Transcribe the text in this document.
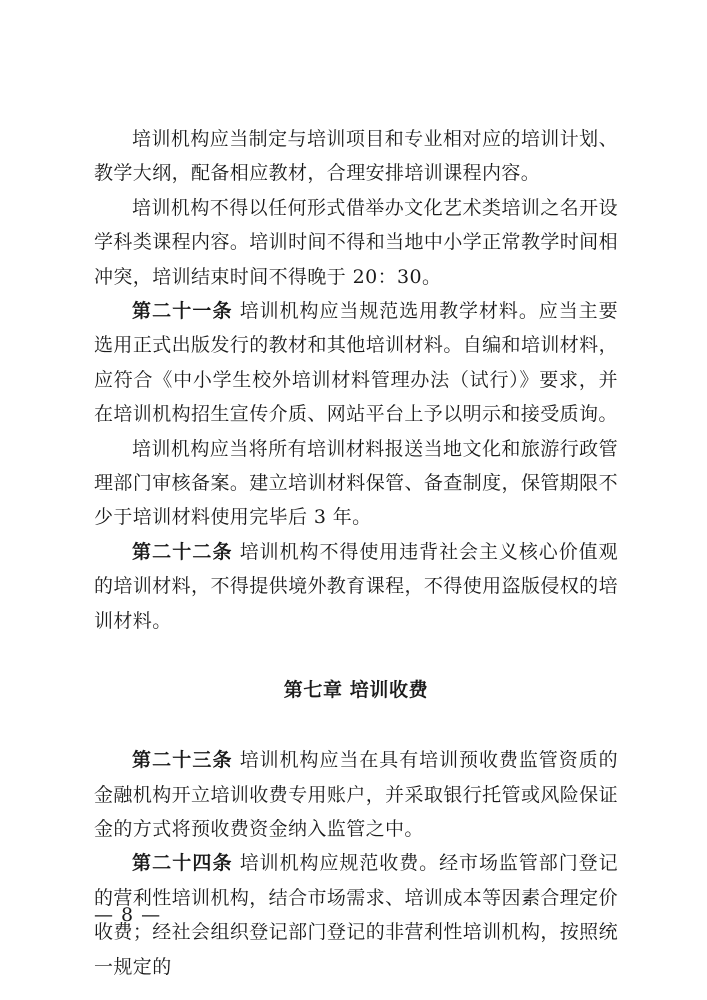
培训机构应当制定与培训项目和专业相对应的培训计划、教学大纲，配备相应教材，合理安排培训课程内容。

培训机构不得以任何形式借举办文化艺术类培训之名开设学科类课程内容。培训时间不得和当地中小学正常教学时间相冲突，培训结束时间不得晚于 20：30。

第二十一条 培训机构应当规范选用教学材料。应当主要选用正式出版发行的教材和其他培训材料。自编和培训材料，应符合《中小学生校外培训材料管理办法（试行）》要求，并在培训机构招生宣传介质、网站平台上予以明示和接受质询。

培训机构应当将所有培训材料报送当地文化和旅游行政管理部门审核备案。建立培训材料保管、备查制度，保管期限不少于培训材料使用完毕后 3 年。

第二十二条 培训机构不得使用违背社会主义核心价值观的培训材料，不得提供境外教育课程，不得使用盗版侵权的培训材料。

第七章 培训收费

第二十三条 培训机构应当在具有培训预收费监管资质的金融机构开立培训收费专用账户，并采取银行托管或风险保证金的方式将预收费资金纳入监管之中。

第二十四条 培训机构应规范收费。经市场监管部门登记的营利性培训机构，结合市场需求、培训成本等因素合理定价收费；经社会组织登记部门登记的非营利性培训机构，按照统一规定的

— 8 —
